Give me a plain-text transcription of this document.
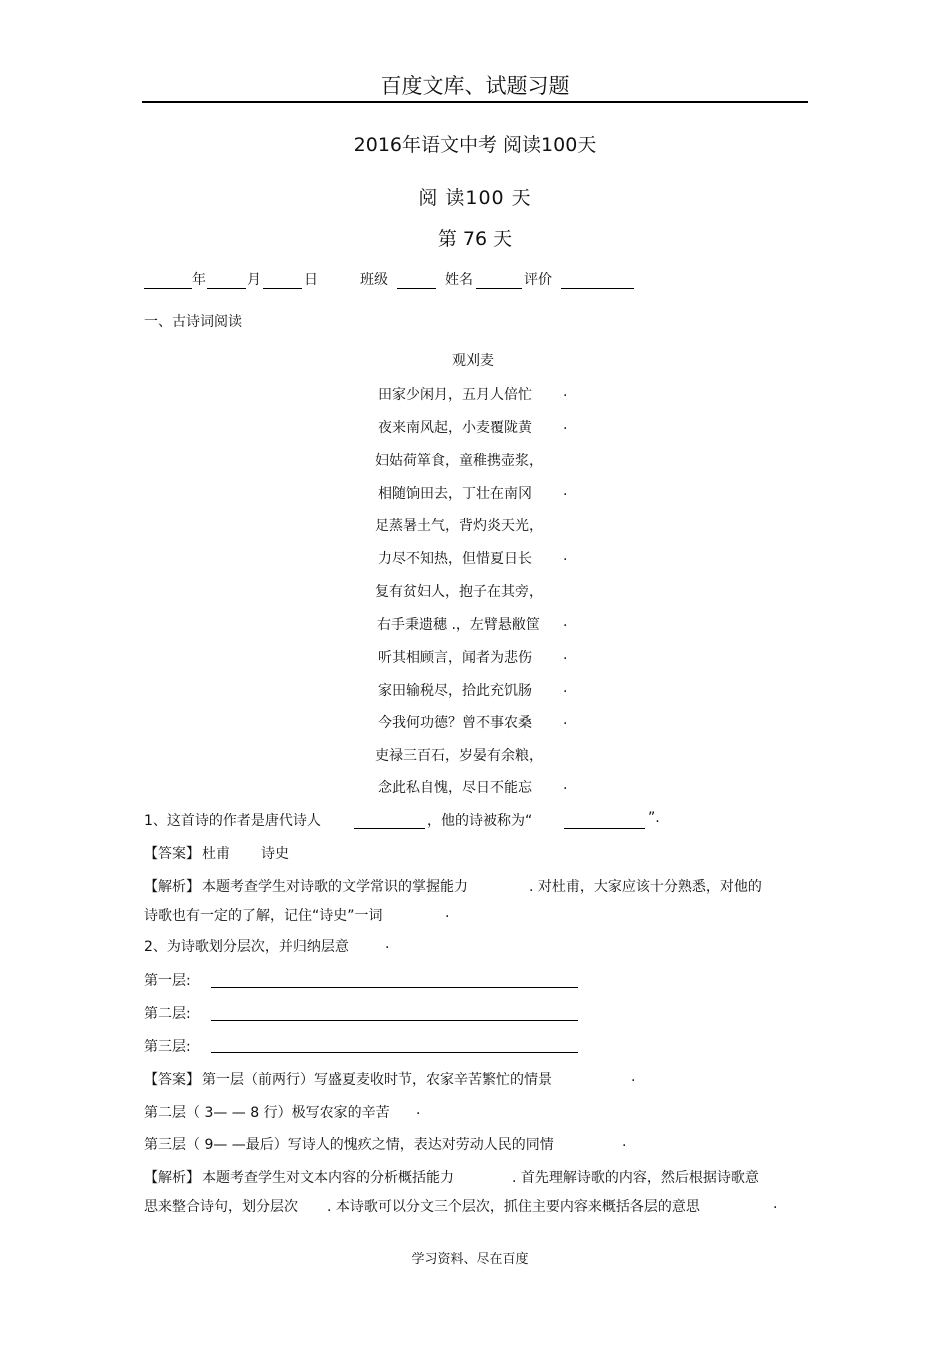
百度文库、试题习题
2016年语文中考 阅读100天
阅 读100 天
第 76 天
年	月	日	班级	姓名	评价
一、古诗词阅读
观刈麦
田家少闲月，五月人倍忙 .
夜来南风起，小麦覆陇黄 .
妇姑荷箪食，童稚携壶浆，
相随饷田去，丁壮在南冈 .
足蒸暑土气，背灼炎天光，
力尽不知热，但惜夏日长 .
复有贫妇人，抱子在其旁，
右手秉遗穗 .，左臂悬敝筐 .
听其相顾言，闻者为悲伤 .
家田输税尽，拾此充饥肠 .
今我何功德？曾不事农桑 .
吏禄三百石，岁晏有余粮，
念此私自愧，尽日不能忘 .
1、这首诗的作者是唐代诗人	，他的诗被称为“	”.
【答案】 杜甫 诗史
【解析】 本题考查学生对诗歌的文学常识的掌握能力	. 对杜甫，大家应该十分熟悉，对他的
诗歌也有一定的了解，记住“诗史”一词	.
2、为诗歌划分层次，并归纳层意	.
第一层:
第二层:
第三层:
【答案】 第一层（前两行）写盛夏麦收时节，农家辛苦繁忙的情景	.
第二层（ 3— — 8 行）极写农家的辛苦 .
第三层（ 9— —最后）写诗人的愧疚之情，表达对劳动人民的同情	.
【解析】 本题考查学生对文本内容的分析概括能力	. 首先理解诗歌的内容，然后根据诗歌意
思来整合诗句，划分层次 . 本诗歌可以分文三个层次，抓住主要内容来概括各层的意思	.
学习资料、尽在百度
